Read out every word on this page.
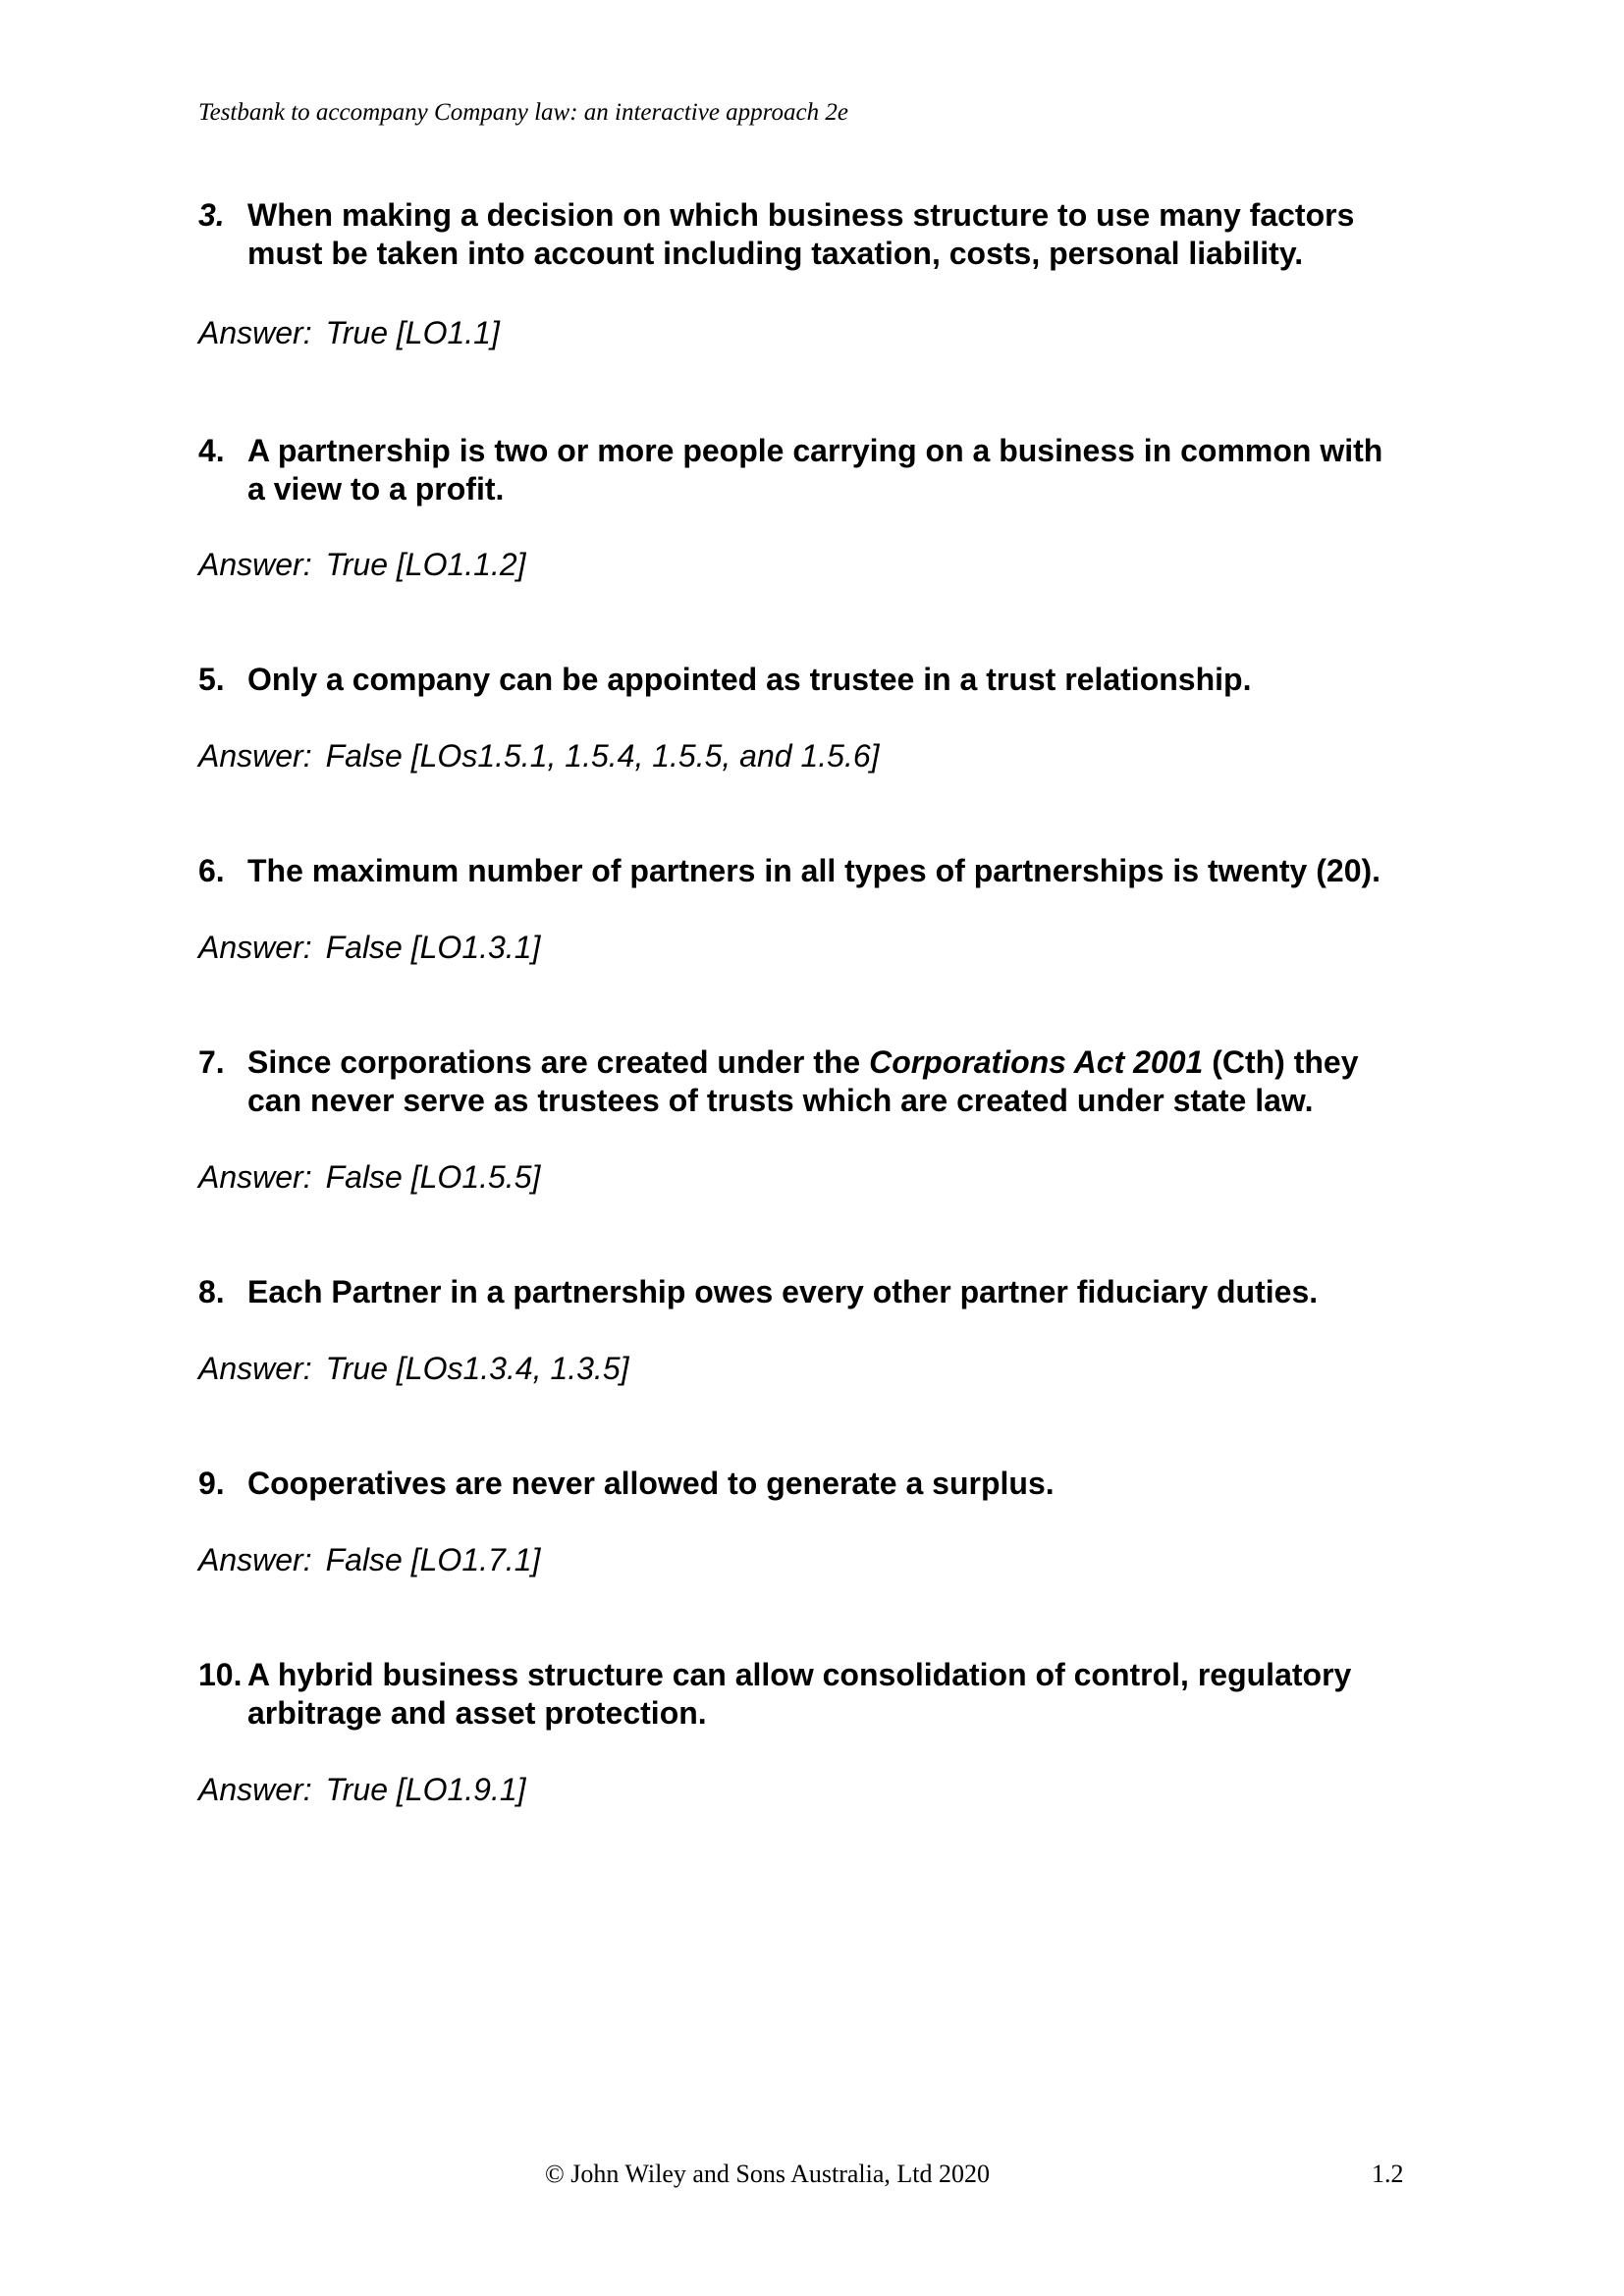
Testbank to accompany Company law: an interactive approach 2e
3. When making a decision on which business structure to use many factors
must be taken into account including taxation, costs, personal liability.
Answer: True [LO1.1]
4. A partnership is two or more people carrying on a business in common with
a view to a profit.
Answer: True [LO1.1.2]
5. Only a company can be appointed as trustee in a trust relationship.
Answer: False [LOs1.5.1, 1.5.4, 1.5.5, and 1.5.6]
6. The maximum number of partners in all types of partnerships is twenty (20).
Answer: False [LO1.3.1]
7. Since corporations are created under the Corporations Act 2001 (Cth) they
can never serve as trustees of trusts which are created under state law.
Answer: False [LO1.5.5]
8. Each Partner in a partnership owes every other partner fiduciary duties.
Answer: True [LOs1.3.4, 1.3.5]
9. Cooperatives are never allowed to generate a surplus.
Answer: False [LO1.7.1]
10. A hybrid business structure can allow consolidation of control, regulatory
arbitrage and asset protection.
Answer: True [LO1.9.1]
© John Wiley and Sons Australia, Ltd 2020	1.2
